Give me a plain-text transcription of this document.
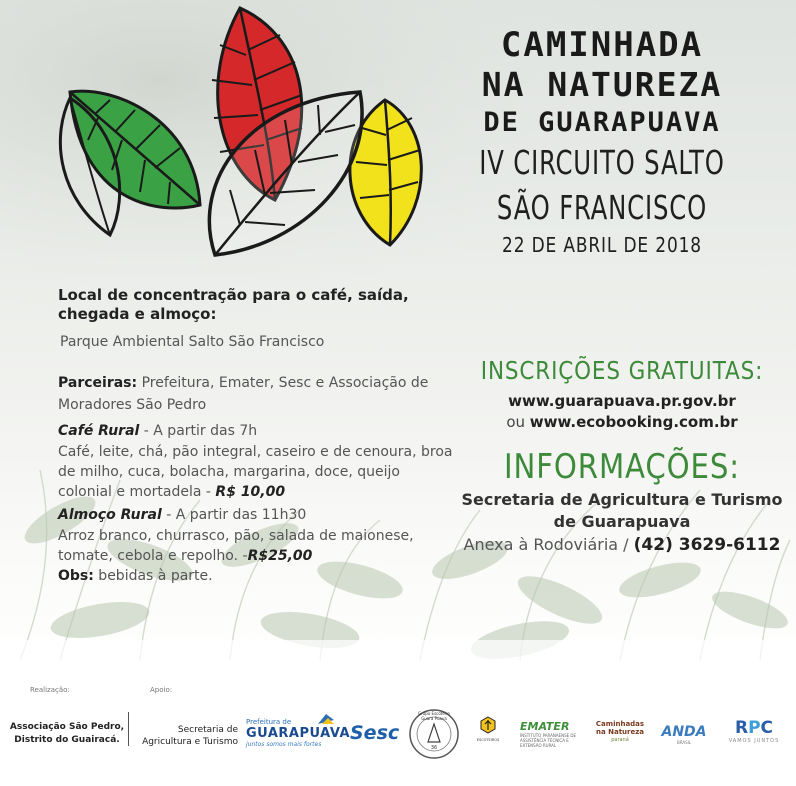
CAMINHADA
NA NATUREZA
DE GUARAPUAVA
IV CIRCUITO SALTO
SÃO FRANCISCO
22 DE ABRIL DE 2018
Local de concentração para o café, saída, chegada e almoço:
Parque Ambiental Salto São Francisco
Parceiras: Prefeitura, Emater, Sesc e Associação de Moradores São Pedro
Café Rural - A partir das 7h
Café, leite, chá, pão integral, caseiro e de cenoura, broa de milho, cuca, bolacha, margarina, doce, queijo colonial e mortadela - R$ 10,00
Almoço Rural - A partir das 11h30
Arroz branco, churrasco, pão, salada de maionese, tomate, cebola e repolho. -R$25,00
Obs: bebidas à parte.
INSCRIÇÕES GRATUITAS:
www.guarapuava.pr.gov.br
ou www.ecobooking.com.br
INFORMAÇÕES:
Secretaria de Agricultura e Turismo de Guarapuava
Anexa à Rodoviária / (42) 3629-6112
Realização:	Apoio:
Associação São Pedro, Distrito do Guairacá.
Secretaria de
Agricultura e Turismo
Prefeitura de
GUARAPUAVA
juntos somos mais fortes
Sesc
Grupo Escoteiro Guara Puava
36
ESCOTEIROS
EMATER
INSTITUTO PARANAENSE DE ASSISTÊNCIA TÉCNICA E EXTENSÃO RURAL
Caminhadas
na Natureza
paraná	ANDA
BRASIL
RPC
VAMOS JUNTOS
